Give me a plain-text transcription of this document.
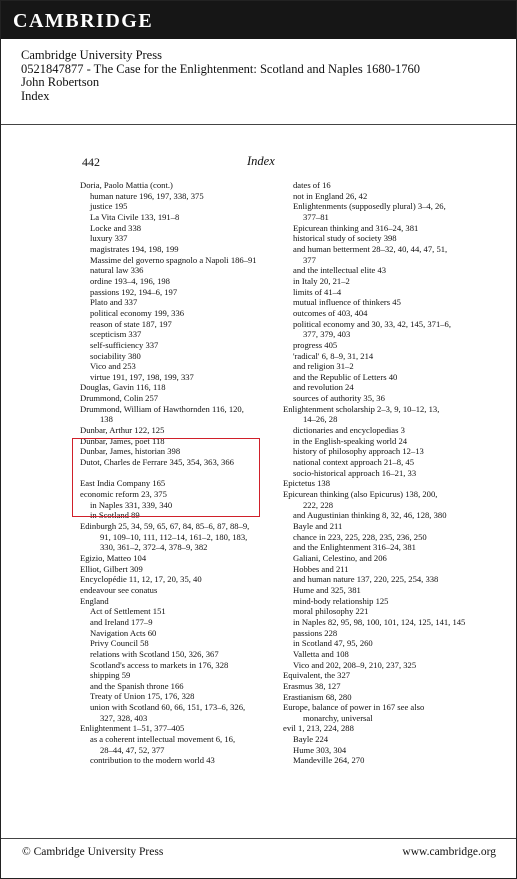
CAMBRIDGE
Cambridge University Press
0521847877 - The Case for the Enlightenment: Scotland and Naples 1680-1760
John Robertson
Index
442	Index
Doria, Paolo Mattia (cont.)
human nature 196, 197, 338, 375
justice 195
La Vita Civile 133, 191–8
Locke and 338
luxury 337
magistrates 194, 198, 199
Massime del governo spagnolo a Napoli 186–91
natural law 336
ordine 193–4, 196, 198
passions 192, 194–6, 197
Plato and 337
political economy 199, 336
reason of state 187, 197
scepticism 337
self-sufficiency 337
sociability 380
Vico and 253
virtue 191, 197, 198, 199, 337
Douglas, Gavin 116, 118
Drummond, Colin 257
Drummond, William of Hawthornden 116, 120,
138
Dunbar, Arthur 122, 125
Dunbar, James, poet 118
Dunbar, James, historian 398
Dutot, Charles de Ferrare 345, 354, 363, 366
East India Company 165
economic reform 23, 375
in Naples 331, 339, 340
in Scotland 89
Edinburgh 25, 34, 59, 65, 67, 84, 85–6, 87, 88–9,
91, 109–10, 111, 112–14, 161–2, 180, 183,
330, 361–2, 372–4, 378–9, 382
Egizio, Matteo 104
Elliot, Gilbert 309
Encyclopédie 11, 12, 17, 20, 35, 40
endeavour see conatus
England
Act of Settlement 151
and Ireland 177–9
Navigation Acts 60
Privy Council 58
relations with Scotland 150, 326, 367
Scotland's access to markets in 176, 328
shipping 59
and the Spanish throne 166
Treaty of Union 175, 176, 328
union with Scotland 60, 66, 151, 173–6, 326,
327, 328, 403
Enlightenment 1–51, 377–405
as a coherent intellectual movement 6, 16,
28–44, 47, 52, 377
contribution to the modern world 43
dates of 16
not in England 26, 42
Enlightenments (supposedly plural) 3–4, 26,
377–81
Epicurean thinking and 316–24, 381
historical study of society 398
and human betterment 28–32, 40, 44, 47, 51,
377
and the intellectual elite 43
in Italy 20, 21–2
limits of 41–4
mutual influence of thinkers 45
outcomes of 403, 404
political economy and 30, 33, 42, 145, 371–6,
377, 379, 403
progress 405
'radical' 6, 8–9, 31, 214
and religion 31–2
and the Republic of Letters 40
and revolution 24
sources of authority 35, 36
Enlightenment scholarship 2–3, 9, 10–12, 13,
14–26, 28
dictionaries and encyclopedias 3
in the English-speaking world 24
history of philosophy approach 12–13
national context approach 21–8, 45
socio-historical approach 16–21, 33
Epictetus 138
Epicurean thinking (also Epicurus) 138, 200,
222, 228
and Augustinian thinking 8, 32, 46, 128, 380
Bayle and 211
chance in 223, 225, 228, 235, 236, 250
and the Enlightenment 316–24, 381
Galiani, Celestino, and 206
Hobbes and 211
and human nature 137, 220, 225, 254, 338
Hume and 325, 381
mind-body relationship 125
moral philosophy 221
in Naples 82, 95, 98, 100, 101, 124, 125, 141, 145
passions 228
in Scotland 47, 95, 260
Valletta and 108
Vico and 202, 208–9, 210, 237, 325
Equivalent, the 327
Erasmus 38, 127
Erastianism 68, 280
Europe, balance of power in 167 see also
monarchy, universal
evil 1, 213, 224, 288
Bayle 224
Hume 303, 304
Mandeville 264, 270
© Cambridge University Press	www.cambridge.org
